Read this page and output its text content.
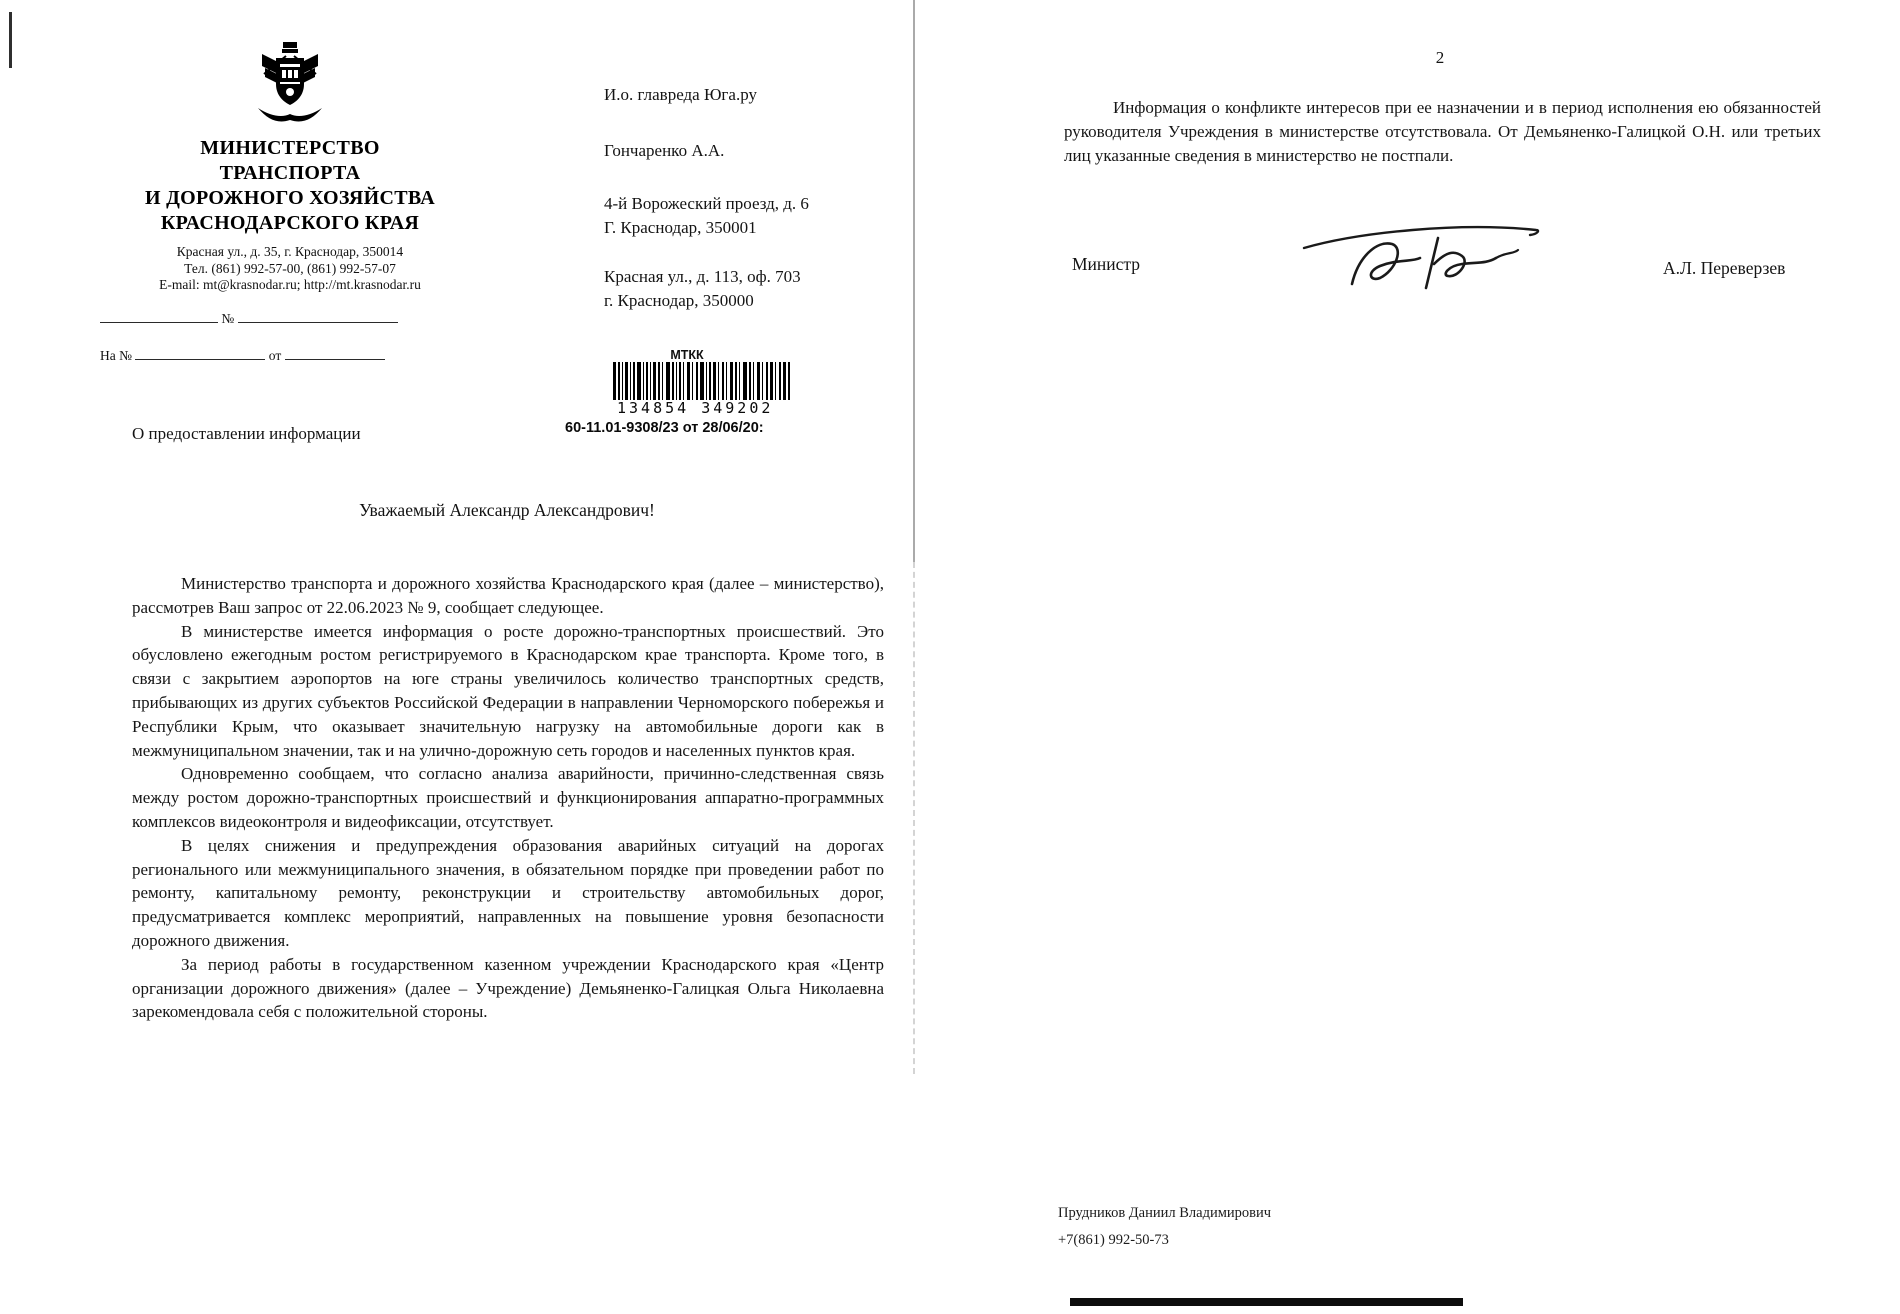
МИНИСТЕРСТВО
ТРАНСПОРТА
И ДОРОЖНОГО ХОЗЯЙСТВА
КРАСНОДАРСКОГО КРАЯ
Красная ул., д. 35, г. Краснодар, 350014
Тел. (861) 992-57-00, (861) 992-57-07
E-mail: mt@krasnodar.ru; http://mt.krasnodar.ru
№
На №	от
И.о. главреда Юга.ру
Гончаренко А.А.
4-й Ворожеский проезд, д. 6
Г. Краснодар, 350001
Красная ул., д. 113, оф. 703
г. Краснодар, 350000
МТКК
134854 349202
60-11.01-9308/23 от 28/06/20:
О предоставлении информации
Уважаемый Александр Александрович!

Министерство транспорта и дорожного хозяйства Краснодарского края (далее – министерство), рассмотрев Ваш запрос от 22.06.2023 № 9, сообщает следующее.

В министерстве имеется информация о росте дорожно-транспортных происшествий. Это обусловлено ежегодным ростом регистрируемого в Краснодарском крае транспорта. Кроме того, в связи с закрытием аэропортов на юге страны увеличилось количество транспортных средств, прибывающих из других субъектов Российской Федерации в направлении Черноморского побережья и Республики Крым, что оказывает значительную нагрузку на автомобильные дороги как в межмуниципальном значении, так и на улично-дорожную сеть городов и населенных пунктов края.

Одновременно сообщаем, что согласно анализа аварийности, причинно-следственная связь между ростом дорожно-транспортных происшествий и функционирования аппаратно-программных комплексов видеоконтроля и видеофиксации, отсутствует.

В целях снижения и предупреждения образования аварийных ситуаций на дорогах регионального или межмуниципального значения, в обязательном порядке при проведении работ по ремонту, капитальному ремонту, реконструкции и строительству автомобильных дорог, предусматривается комплекс мероприятий, направленных на повышение уровня безопасности дорожного движения.

За период работы в государственном казенном учреждении Краснодарского края «Центр организации дорожного движения» (далее – Учреждение) Демьяненко-Галицкая Ольга Николаевна зарекомендовала себя с положительной стороны.

2

Информация о конфликте интересов при ее назначении и в период исполнения ею обязанностей руководителя Учреждения в министерстве отсутствовала. От Демьяненко-Галицкой О.Н. или третьих лиц указанные сведения в министерство не постпали.

Министр	А.Л. Переверзев
Прудников Даниил Владимирович
+7(861) 992-50-73
